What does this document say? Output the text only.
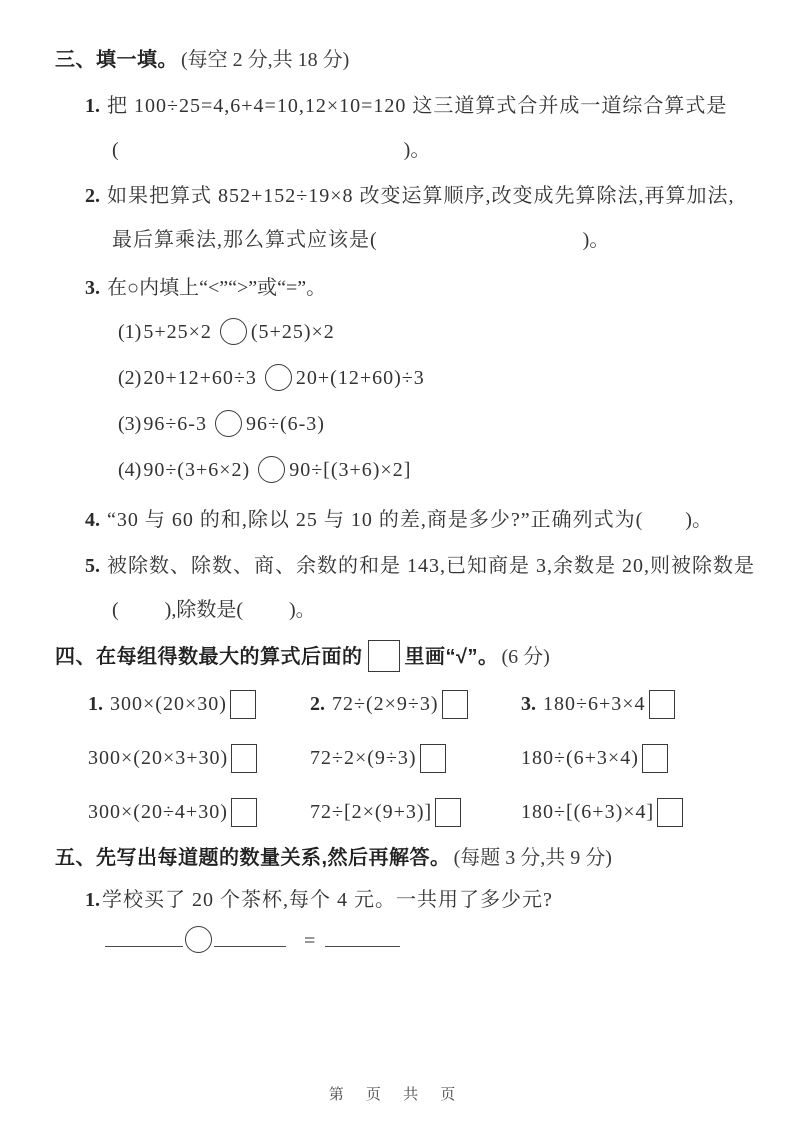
三、填一填。 (每空 2 分,共 18 分)
1. 把 100÷25=4,6+4=10,12×10=120 这三道算式合并成一道综合算式是
(	)。
2. 如果把算式 852+152÷19×8 改变运算顺序,改变成先算除法,再算加法,
最后算乘法,那么算式应该是(	)。
3. 在○内填上“<”“>”或“=”。
(1) 5+25×2 (5+25)×2
(2) 20+12+60÷3 20+(12+60)÷3
(3) 96÷6-3 96÷(6-3)
(4) 90÷(3+6×2) 90÷[(3+6)×2]
4. “30 与 60 的和,除以 25 与 10 的差,商是多少?”正确列式为( )。
5. 被除数、除数、商、余数的和是 143,已知商是 3,余数是 20,则被除数是
( ),除数是( )。
四、在每组得数最大的算式后面的 里画“√”。 (6 分)
1. 300×(20×30)	2. 72÷(2×9÷3)	3. 180÷6+3×4
300×(20×3+30)	72÷2×(9÷3)	180÷(6+3×4)
300×(20÷4+30)	72÷[2×(9+3)]	180÷[(6+3)×4]
五、先写出每道题的数量关系,然后再解答。 (每题 3 分,共 9 分)
1. 学校买了 20 个茶杯,每个 4 元。一共用了多少元?
=
第 页 共 页
